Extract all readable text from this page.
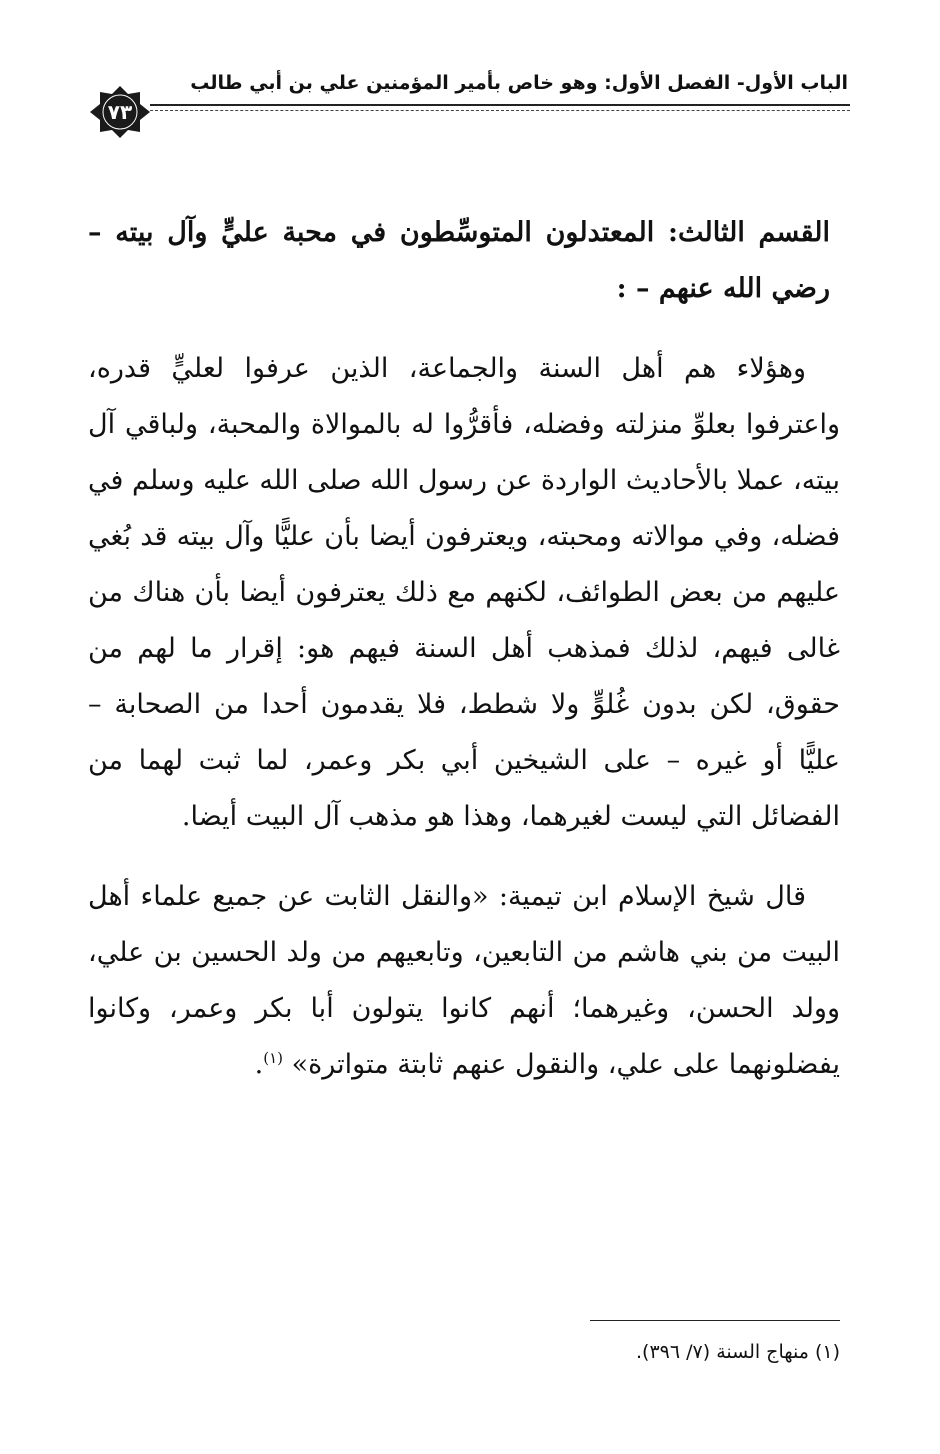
الباب الأول- الفصل الأول: وهو خاص بأمير المؤمنين علي بن أبي طالب
٧٣

القسم الثالث: المعتدلون المتوسِّطون في محبة عليٍّ وآل بيته – رضي الله عنهم – :

وهؤلاء هم أهل السنة والجماعة، الذين عرفوا لعليٍّ قدره، واعترفوا بعلوِّ منزلته وفضله، فأقرُّوا له بالموالاة والمحبة، ولباقي آل بيته، عملا بالأحاديث الواردة عن رسول الله صلى الله عليه وسلم في فضله، وفي موالاته ومحبته، ويعترفون أيضا بأن عليًّا وآل بيته قد بُغي عليهم من بعض الطوائف، لكنهم مع ذلك يعترفون أيضا بأن هناك من غالى فيهم، لذلك فمذهب أهل السنة فيهم هو: إقرار ما لهم من حقوق، لكن بدون غُلوٍّ ولا شطط، فلا يقدمون أحدا من الصحابة – عليًّا أو غيره – على الشيخين أبي بكر وعمر، لما ثبت لهما من الفضائل التي ليست لغيرهما، وهذا هو مذهب آل البيت أيضا.

قال شيخ الإسلام ابن تيمية: «والنقل الثابت عن جميع علماء أهل البيت من بني هاشم من التابعين، وتابعيهم من ولد الحسين بن علي، وولد الحسن، وغيرهما؛ أنهم كانوا يتولون أبا بكر وعمر، وكانوا يفضلونهما على علي، والنقول عنهم ثابتة متواترة» $^{(١)}$.

(١) منهاج السنة (٧/ ٣٩٦).
